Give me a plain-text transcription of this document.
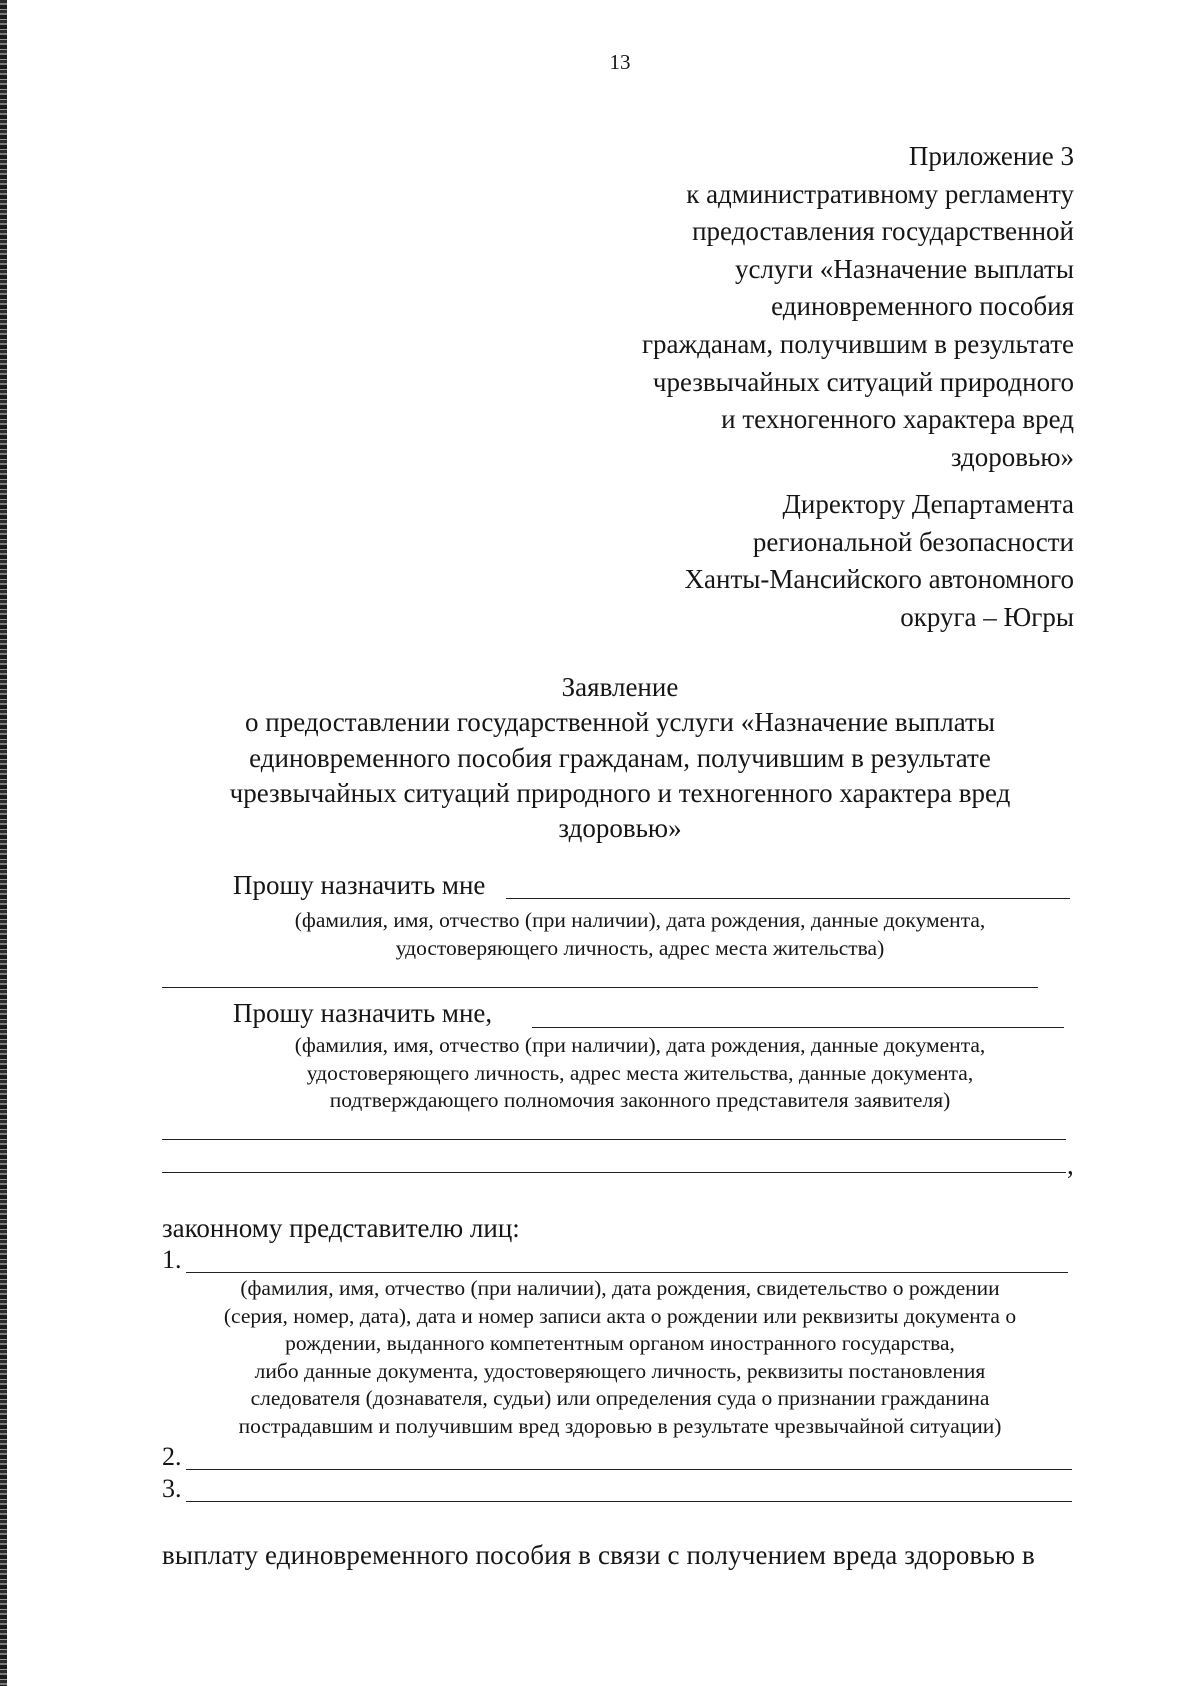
13
Приложение 3
к административному регламенту
предоставления государственной
услуги «Назначение выплаты
единовременного пособия
гражданам, получившим в результате
чрезвычайных ситуаций природного
и техногенного характера вред
здоровью»
Директору Департамента
региональной безопасности
Ханты-Мансийского автономного
округа – Югры
Заявление
о предоставлении государственной услуги «Назначение выплаты
единовременного пособия гражданам, получившим в результате
чрезвычайных ситуаций природного и техногенного характера вред
здоровью»
Прошу назначить мне
(фамилия, имя, отчество (при наличии), дата рождения, данные документа,
удостоверяющего личность, адрес места жительства)
Прошу назначить мне,
(фамилия, имя, отчество (при наличии), дата рождения, данные документа,
удостоверяющего личность, адрес места жительства, данные документа,
подтверждающего полномочия законного представителя заявителя)
,
законному представителю лиц:
1.
(фамилия, имя, отчество (при наличии), дата рождения, свидетельство о рождении
(серия, номер, дата), дата и номер записи акта о рождении или реквизиты документа о
рождении, выданного компетентным органом иностранного государства,
либо данные документа, удостоверяющего личность, реквизиты постановления
следователя (дознавателя, судьи) или определения суда о признании гражданина
пострадавшим и получившим вред здоровью в результате чрезвычайной ситуации)
2.
3.
выплату единовременного пособия в связи с получением вреда здоровью в
